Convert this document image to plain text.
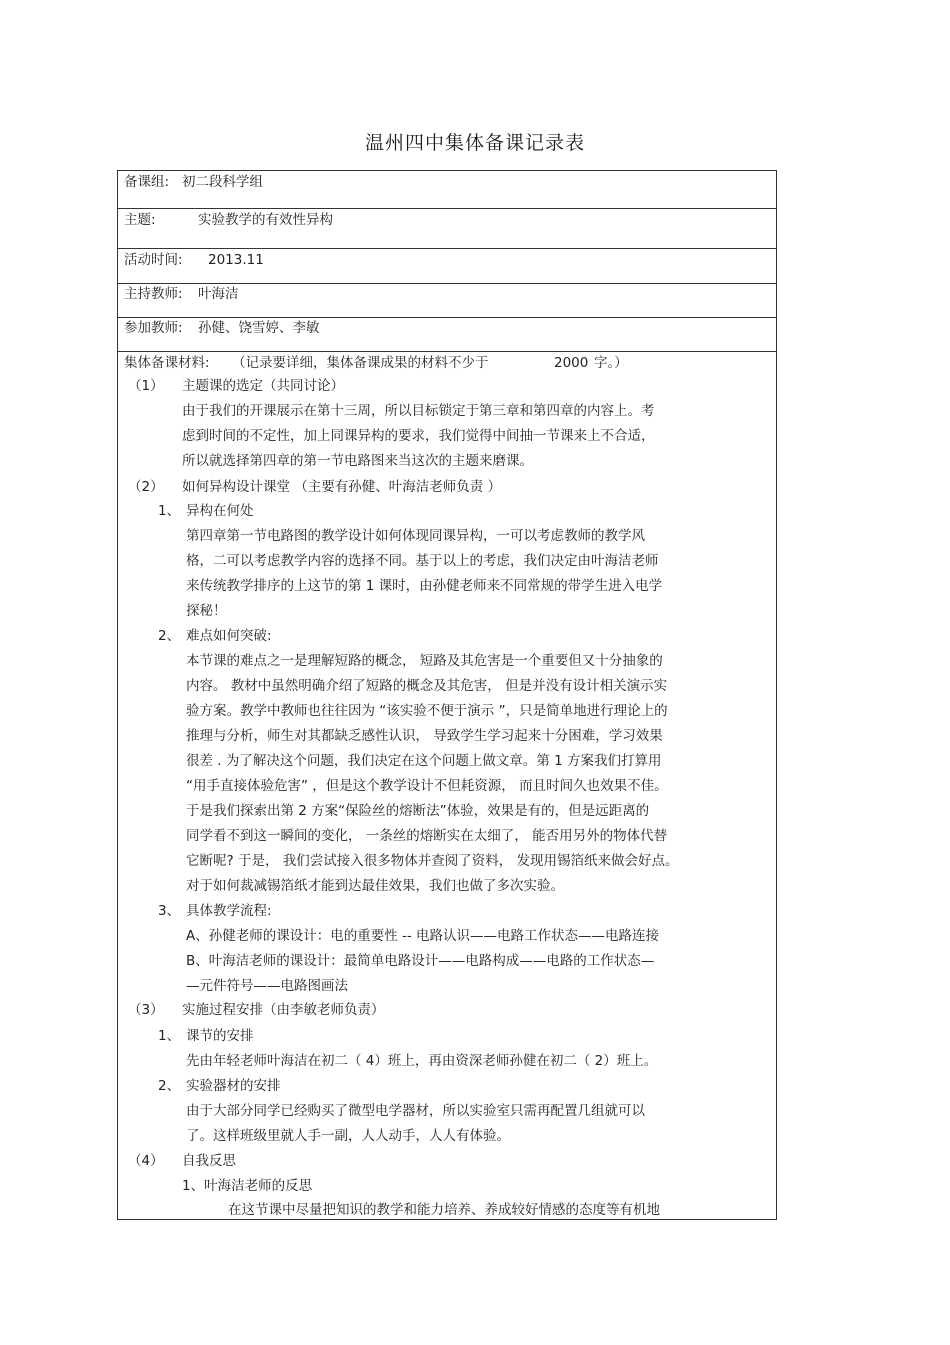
温州四中集体备课记录表
备课组: 初二段科学组
主题:	实验教学的有效性异构
活动时间: 2013.11
主持教师: 叶海洁
参加教师: 孙健、饶雪婷、李敏
集体备课材料: （记录要详细，集体备课成果的材料不少于	2000 字。）
（1） 主题课的选定（共同讨论）
由于我们的开课展示在第十三周，所以目标锁定于第三章和第四章的内容上。考
虑到时间的不定性，加上同课异构的要求，我们觉得中间抽一节课来上不合适，
所以就选择第四章的第一节电路图来当这次的主题来磨课。
（2） 如何异构设计课堂 （主要有孙健、叶海洁老师负责 ）
1、 异构在何处
第四章第一节电路图的教学设计如何体现同课异构，一可以考虑教师的教学风
格，二可以考虑教学内容的选择不同。基于以上的考虑，我们决定由叶海洁老师
来传统教学排序的上这节的第 1 课时，由孙健老师来不同常规的带学生进入电学
探秘！
2、 难点如何突破:
本节课的难点之一是理解短路的概念， 短路及其危害是一个重要但又十分抽象的
内容。 教材中虽然明确介绍了短路的概念及其危害， 但是并没有设计相关演示实
验方案。教学中教师也往往因为 “该实验不便于演示 ”，只是简单地进行理论上的
推理与分析，师生对其都缺乏感性认识， 导致学生学习起来十分困难，学习效果
很差 . 为了解决这个问题，我们决定在这个问题上做文章。第 1 方案我们打算用
“用手直接体验危害” ，但是这个教学设计不但耗资源， 而且时间久也效果不佳。
于是我们探索出第 2 方案“保险丝的熔断法”体验，效果是有的，但是远距离的
同学看不到这一瞬间的变化， 一条丝的熔断实在太细了， 能否用另外的物体代替
它断呢? 于是， 我们尝试接入很多物体并查阅了资料， 发现用锡箔纸来做会好点。
对于如何裁减锡箔纸才能到达最佳效果，我们也做了多次实验。
3、 具体教学流程:
A、孙健老师的课设计：电的重要性 -- 电路认识——电路工作状态——电路连接
B、叶海洁老师的课设计：最简单电路设计——电路构成——电路的工作状态—
—元件符号——电路图画法
（3） 实施过程安排（由李敏老师负责）
1、 课节的安排
先由年轻老师叶海洁在初二（ 4）班上，再由资深老师孙健在初二（ 2）班上。
2、 实验器材的安排
由于大部分同学已经购买了微型电学器材，所以实验室只需再配置几组就可以
了。这样班级里就人手一副，人人动手，人人有体验。
（4） 自我反思
1、叶海洁老师的反思
在这节课中尽量把知识的教学和能力培养、养成较好情感的态度等有机地
